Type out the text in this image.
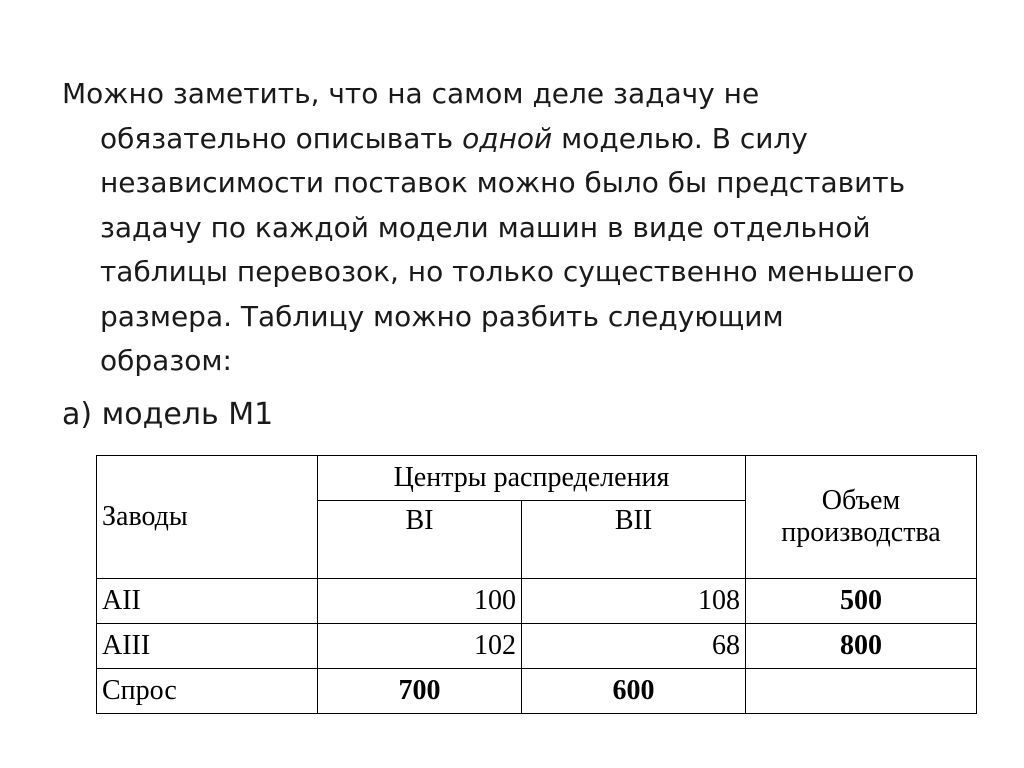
Можно заметить, что на самом деле задачу не
обязательно описывать одной моделью. В силу
независимости поставок можно было бы представить
задачу по каждой модели машин в виде отдельной
таблицы перевозок, но только существенно меньшего
размера. Таблицу можно разбить следующим
образом:
а) модель М1
Заводы	Центры распределения		Объем
производства

	BI	BII	
AII	100	108	500
AIII	102	68	800
Спрос	700	600	
